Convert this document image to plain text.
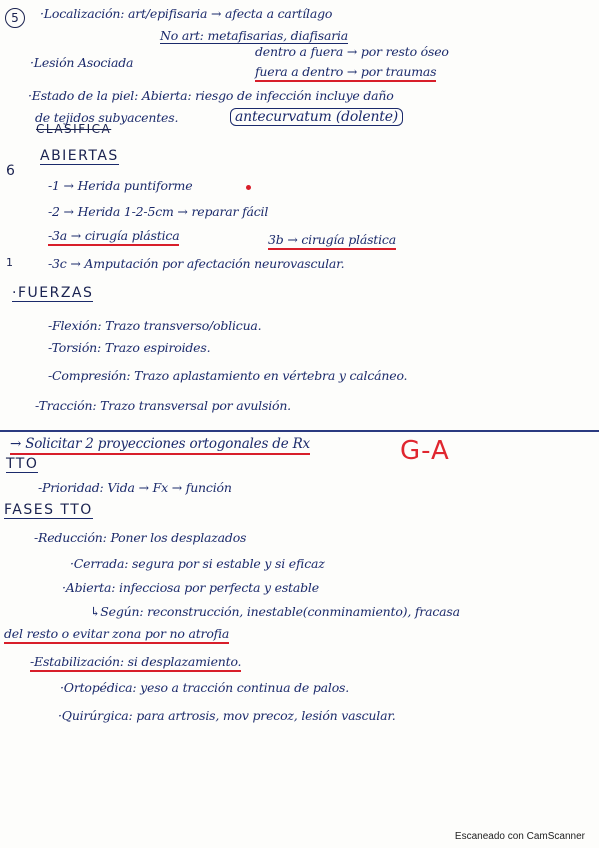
5	·Localización: art/epifisaria → afecta a cartílago
No art: metafisarias, diafisaria
·Lesión Asociada
dentro a fuera → por resto óseo
fuera a dentro → por traumas
·Estado de la piel: Abierta: riesgo de infección incluye daño
de tejidos subyacentes.	antecurvatum (dolente)
CLASIFICA
6
ABIERTAS
-1 → Herida puntiforme
-2 → Herida 1-2-5cm → reparar fácil
-3a → cirugía plástica	3b → cirugía plástica
1	-3c → Amputación por afectación neurovascular.
·FUERZAS
-Flexión: Trazo transverso/oblicua.
-Torsión: Trazo espiroides.
-Compresión: Trazo aplastamiento en vértebra y calcáneo.
-Tracción: Trazo transversal por avulsión.
→ Solicitar 2 proyecciones ortogonales de Rx	G-A
TTO
-Prioridad: Vida → Fx → función
FASES TTO
-Reducción: Poner los desplazados
·Cerrada: segura por si estable y si eficaz
·Abierta: infecciosa por perfecta y estable
↳Según: reconstrucción, inestable(conminamiento), fracasa
del resto o evitar zona por no atrofia
-Estabilización: si desplazamiento.
·Ortopédica: yeso a tracción continua de palos.
·Quirúrgica: para artrosis, mov precoz, lesión vascular.
Escaneado con CamScanner
